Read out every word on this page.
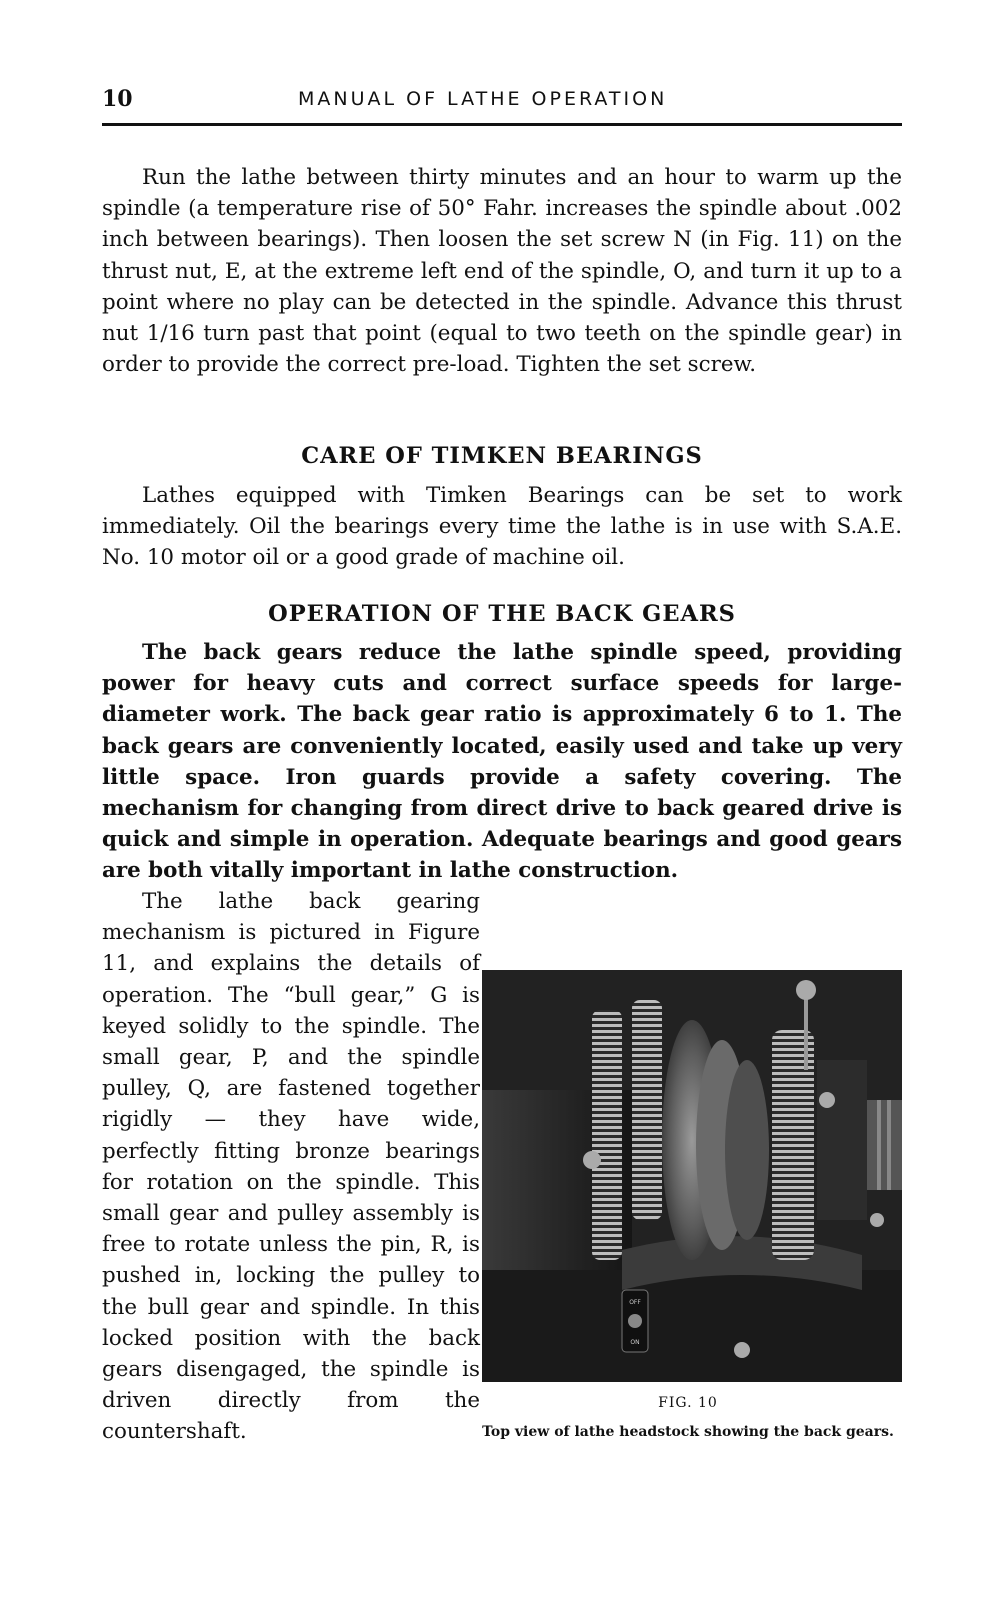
10	MANUAL OF LATHE OPERATION

Run the lathe between thirty minutes and an hour to warm up the spindle (a temperature rise of 50° Fahr. increases the spindle about .002 inch between bearings). Then loosen the set screw N (in Fig. 11) on the thrust nut, E, at the extreme left end of the spindle, O, and turn it up to a point where no play can be detected in the spindle. Advance this thrust nut 1/16 turn past that point (equal to two teeth on the spindle gear) in order to provide the correct pre-load. Tighten the set screw.

CARE OF TIMKEN BEARINGS

Lathes equipped with Timken Bearings can be set to work immediately. Oil the bearings every time the lathe is in use with S.A.E. No. 10 motor oil or a good grade of machine oil.

OPERATION OF THE BACK GEARS

The back gears reduce the lathe spindle speed, providing power for heavy cuts and correct surface speeds for large-diameter work. The back gear ratio is approximately 6 to 1. The back gears are conveniently located, easily used and take up very little space. Iron guards provide a safety covering. The mechanism for changing from direct drive to back geared drive is quick and simple in operation. Adequate bearings and good gears are both vitally important in lathe construction.

The lathe back gearing mechanism is pictured in Figure 11, and explains the details of operation. The “bull gear,” G is keyed solidly to the spindle. The small gear, P, and the spindle pulley, Q, are fastened together rigidly — they have wide, perfectly fitting bronze bearings for rotation on the spindle. This small gear and pulley assembly is free to rotate unless the pin, R, is pushed in, locking the pulley to the bull gear and spindle. In this locked position with the back gears disengaged, the spindle is driven directly from the countershaft.
OFF
ON
FIG. 10
Top view of lathe headstock showing the back gears.
